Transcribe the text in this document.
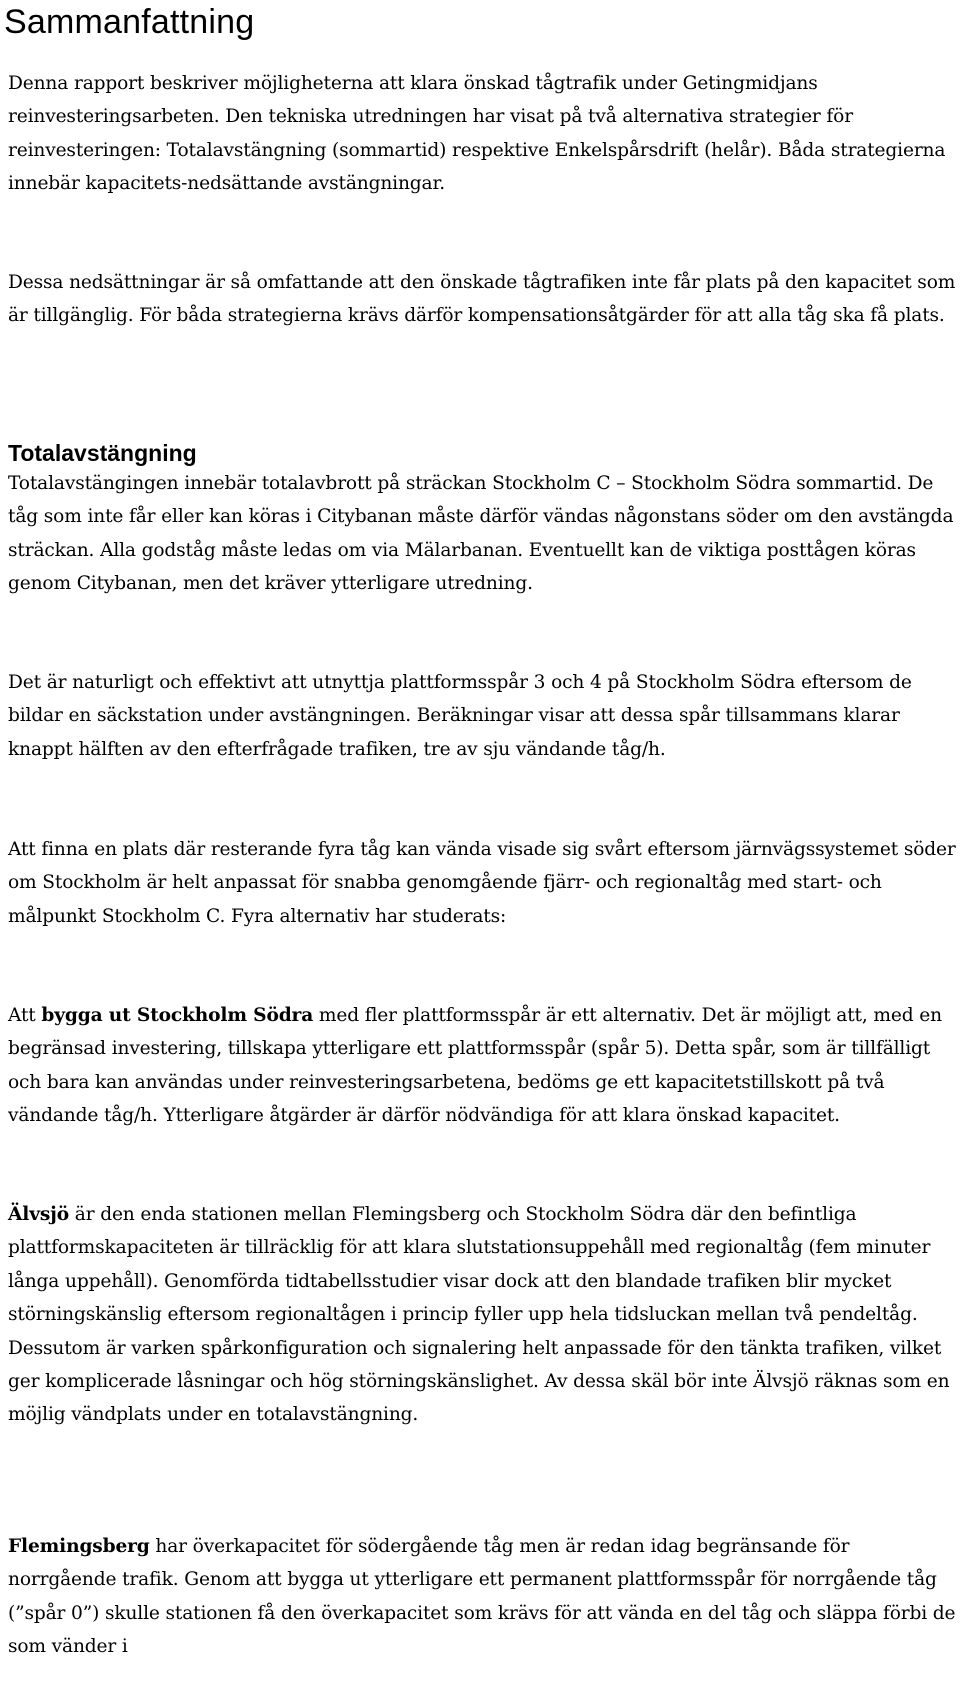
Sammanfattning

Denna rapport beskriver möjligheterna att klara önskad tågtrafik under Getingmidjans reinvesteringsarbeten. Den tekniska utredningen har visat på två alternativa strategier för reinvesteringen: Totalavstängning (sommartid) respektive Enkelspårsdrift (helår). Båda strategierna innebär kapacitets-nedsättande avstängningar.

Dessa nedsättningar är så omfattande att den önskade tågtrafiken inte får plats på den kapacitet som är tillgänglig. För båda strategierna krävs därför kompensationsåtgärder för att alla tåg ska få plats.

Totalavstängning

Totalavstängingen innebär totalavbrott på sträckan Stockholm C – Stockholm Södra sommartid. De tåg som inte får eller kan köras i Citybanan måste därför vändas någonstans söder om den avstängda sträckan. Alla godståg måste ledas om via Mälarbanan. Eventuellt kan de viktiga posttågen köras genom Citybanan, men det kräver ytterligare utredning.

Det är naturligt och effektivt att utnyttja plattformsspår 3 och 4 på Stockholm Södra eftersom de bildar en säckstation under avstängningen. Beräkningar visar att dessa spår tillsammans klarar knappt hälften av den efterfrågade trafiken, tre av sju vändande tåg/h.

Att finna en plats där resterande fyra tåg kan vända visade sig svårt eftersom järnvägssystemet söder om Stockholm är helt anpassat för snabba genomgående fjärr- och regionaltåg med start- och målpunkt Stockholm C. Fyra alternativ har studerats:

Att bygga ut Stockholm Södra med fler plattformsspår är ett alternativ. Det är möjligt att, med en begränsad investering, tillskapa ytterligare ett plattformsspår (spår 5). Detta spår, som är tillfälligt och bara kan användas under reinvesteringsarbetena, bedöms ge ett kapacitetstillskott på två vändande tåg/h. Ytterligare åtgärder är därför nödvändiga för att klara önskad kapacitet.

Älvsjö är den enda stationen mellan Flemingsberg och Stockholm Södra där den befintliga plattformskapaciteten är tillräcklig för att klara slutstationsuppehåll med regionaltåg (fem minuter långa uppehåll). Genomförda tidtabellsstudier visar dock att den blandade trafiken blir mycket störningskänslig eftersom regionaltågen i princip fyller upp hela tidsluckan mellan två pendeltåg. Dessutom är varken spårkonfiguration och signalering helt anpassade för den tänkta trafiken, vilket ger komplicerade låsningar och hög störningskänslighet. Av dessa skäl bör inte Älvsjö räknas som en möjlig vändplats under en totalavstängning.

Flemingsberg har överkapacitet för södergående tåg men är redan idag begränsande för norrgående trafik. Genom att bygga ut ytterligare ett permanent plattformsspår för norrgående tåg (”spår 0”) skulle stationen få den överkapacitet som krävs för att vända en del tåg och släppa förbi de som vänder i
